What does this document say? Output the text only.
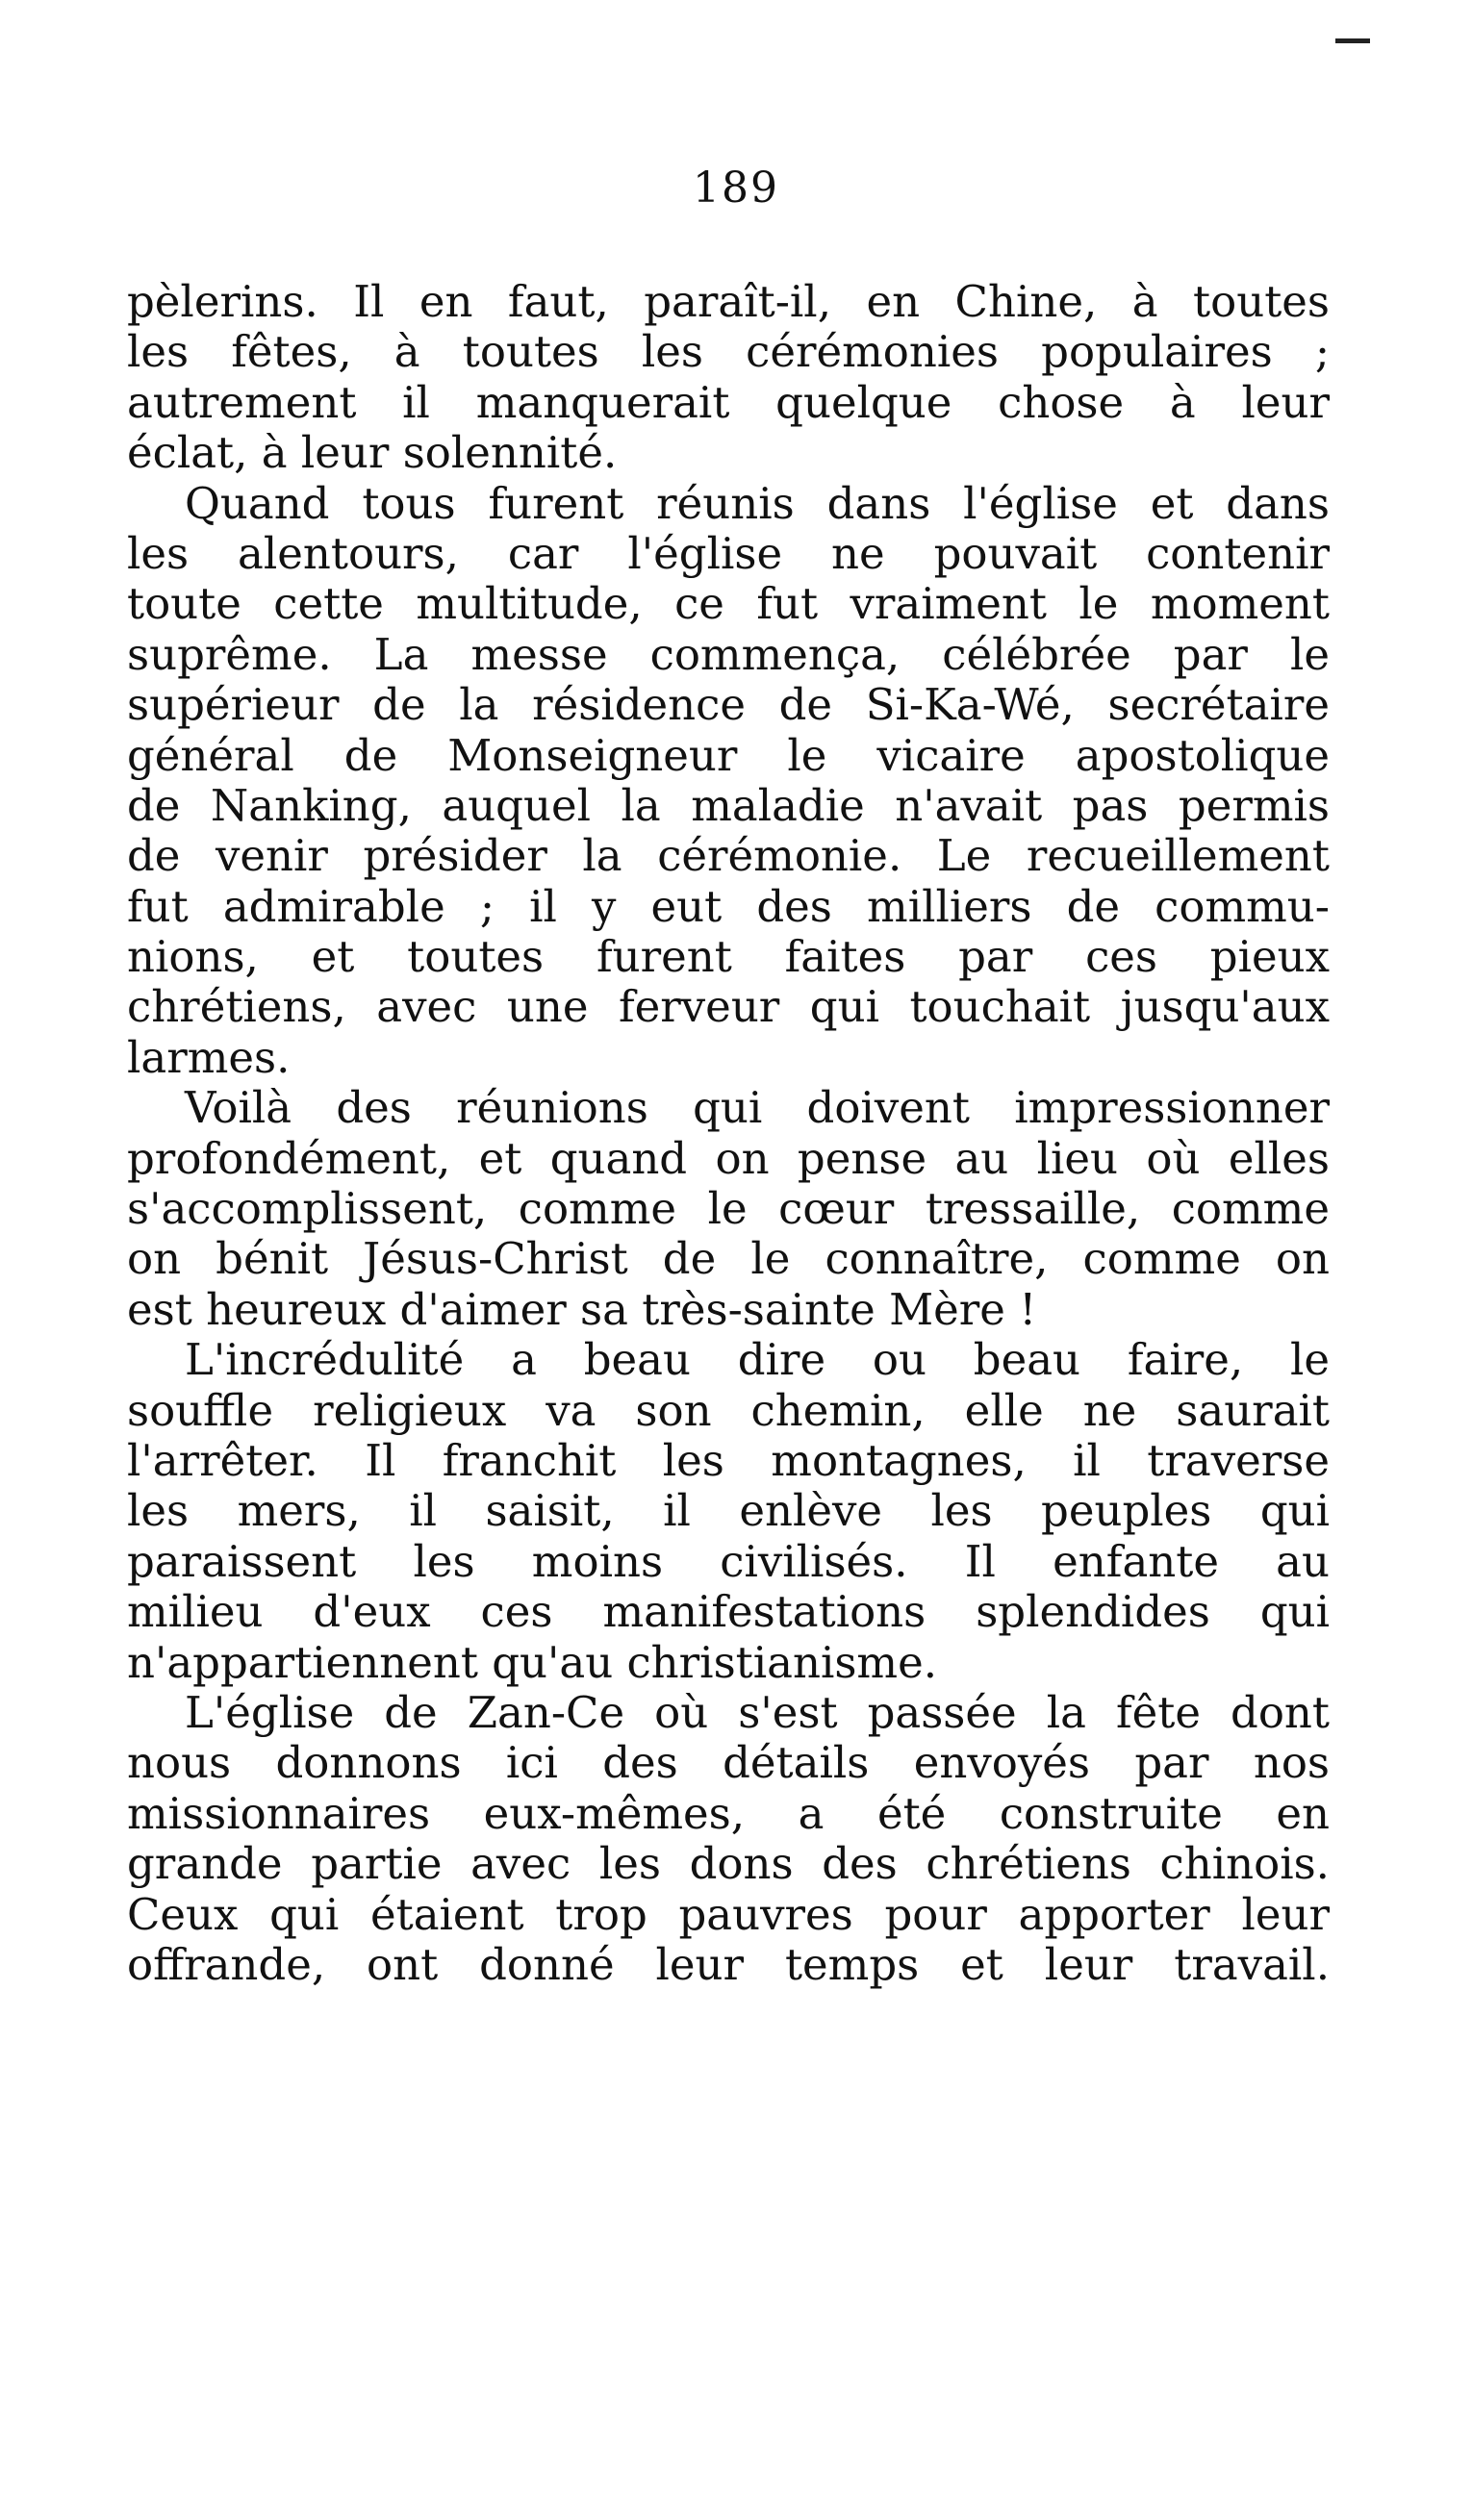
189
pèlerins. Il en faut, paraît-il, en Chine, à toutes
les fêtes, à toutes les cérémonies populaires ;
autrement il manquerait quelque chose à leur
éclat, à leur solennité.
Quand tous furent réunis dans l'église et dans
les alentours, car l'église ne pouvait contenir
toute cette multitude, ce fut vraiment le moment
suprême. La messe commença, célébrée par le
supérieur de la résidence de Si-Ka-Wé, secrétaire
général de Monseigneur le vicaire apostolique
de Nanking, auquel la maladie n'avait pas permis
de venir présider la cérémonie. Le recueillement
fut admirable ; il y eut des milliers de commu-
nions, et toutes furent faites par ces pieux
chrétiens, avec une ferveur qui touchait jusqu'aux
larmes.
Voilà des réunions qui doivent impressionner
profondément, et quand on pense au lieu où elles
s'accomplissent, comme le cœur tressaille, comme
on bénit Jésus-Christ de le connaître, comme on
est heureux d'aimer sa très-sainte Mère !
L'incrédulité a beau dire ou beau faire, le
souffle religieux va son chemin, elle ne saurait
l'arrêter. Il franchit les montagnes, il traverse
les mers, il saisit, il enlève les peuples qui
paraissent les moins civilisés. Il enfante au
milieu d'eux ces manifestations splendides qui
n'appartiennent qu'au christianisme.
L'église de Zan-Ce où s'est passée la fête dont
nous donnons ici des détails envoyés par nos
missionnaires eux-mêmes, a été construite en
grande partie avec les dons des chrétiens chinois.
Ceux qui étaient trop pauvres pour apporter leur
offrande, ont donné leur temps et leur travail.
